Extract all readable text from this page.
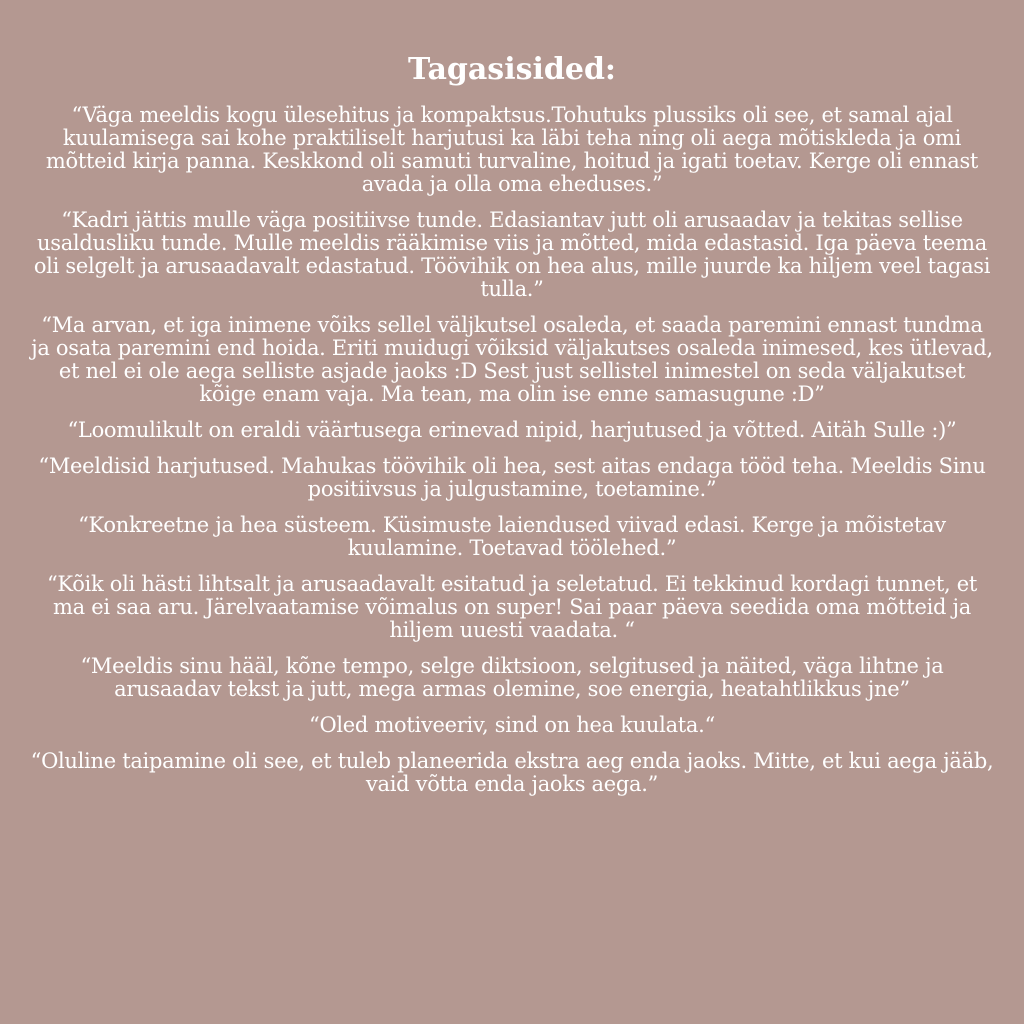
Tagasisided:

“Väga meeldis kogu ülesehitus ja kompaktsus.Tohutuks plussiks oli see, et samal ajal kuulamisega sai kohe praktiliselt harjutusi ka läbi teha ning oli aega mõtiskleda ja omi mõtteid kirja panna. Keskkond oli samuti turvaline, hoitud ja igati toetav. Kerge oli ennast avada ja olla oma eheduses.”

“Kadri jättis mulle väga positiivse tunde. Edasiantav jutt oli arusaadav ja tekitas sellise usaldusliku tunde. Mulle meeldis rääkimise viis ja mõtted, mida edastasid. Iga päeva teema oli selgelt ja arusaadavalt edastatud. Töövihik on hea alus, mille juurde ka hiljem veel tagasi tulla.”

“Ma arvan, et iga inimene võiks sellel väljkutsel osaleda, et saada paremini ennast tundma ja osata paremini end hoida. Eriti muidugi võiksid väljakutses osaleda inimesed, kes ütlevad, et nel ei ole aega selliste asjade jaoks :D Sest just sellistel inimestel on seda väljakutset kõige enam vaja. Ma tean, ma olin ise enne samasugune :D”

“Loomulikult on eraldi väärtusega erinevad nipid, harjutused ja võtted. Aitäh Sulle :)”

“Meeldisid harjutused. Mahukas töövihik oli hea, sest aitas endaga tööd teha. Meeldis Sinu positiivsus ja julgustamine, toetamine.”

“Konkreetne ja hea süsteem. Küsimuste laiendused viivad edasi. Kerge ja mõistetav kuulamine. Toetavad töölehed.”

“Kõik oli hästi lihtsalt ja arusaadavalt esitatud ja seletatud. Ei tekkinud kordagi tunnet, et ma ei saa aru. Järelvaatamise võimalus on super! Sai paar päeva seedida oma mõtteid ja hiljem uuesti vaadata. “

“Meeldis sinu hääl, kõne tempo, selge diktsioon, selgitused ja näited, väga lihtne ja arusaadav tekst ja jutt, mega armas olemine, soe energia, heatahtlikkus jne”

“Oled motiveeriv, sind on hea kuulata.“

“Oluline taipamine oli see, et tuleb planeerida ekstra aeg enda jaoks. Mitte, et kui aega jääb, vaid võtta enda jaoks aega.”
